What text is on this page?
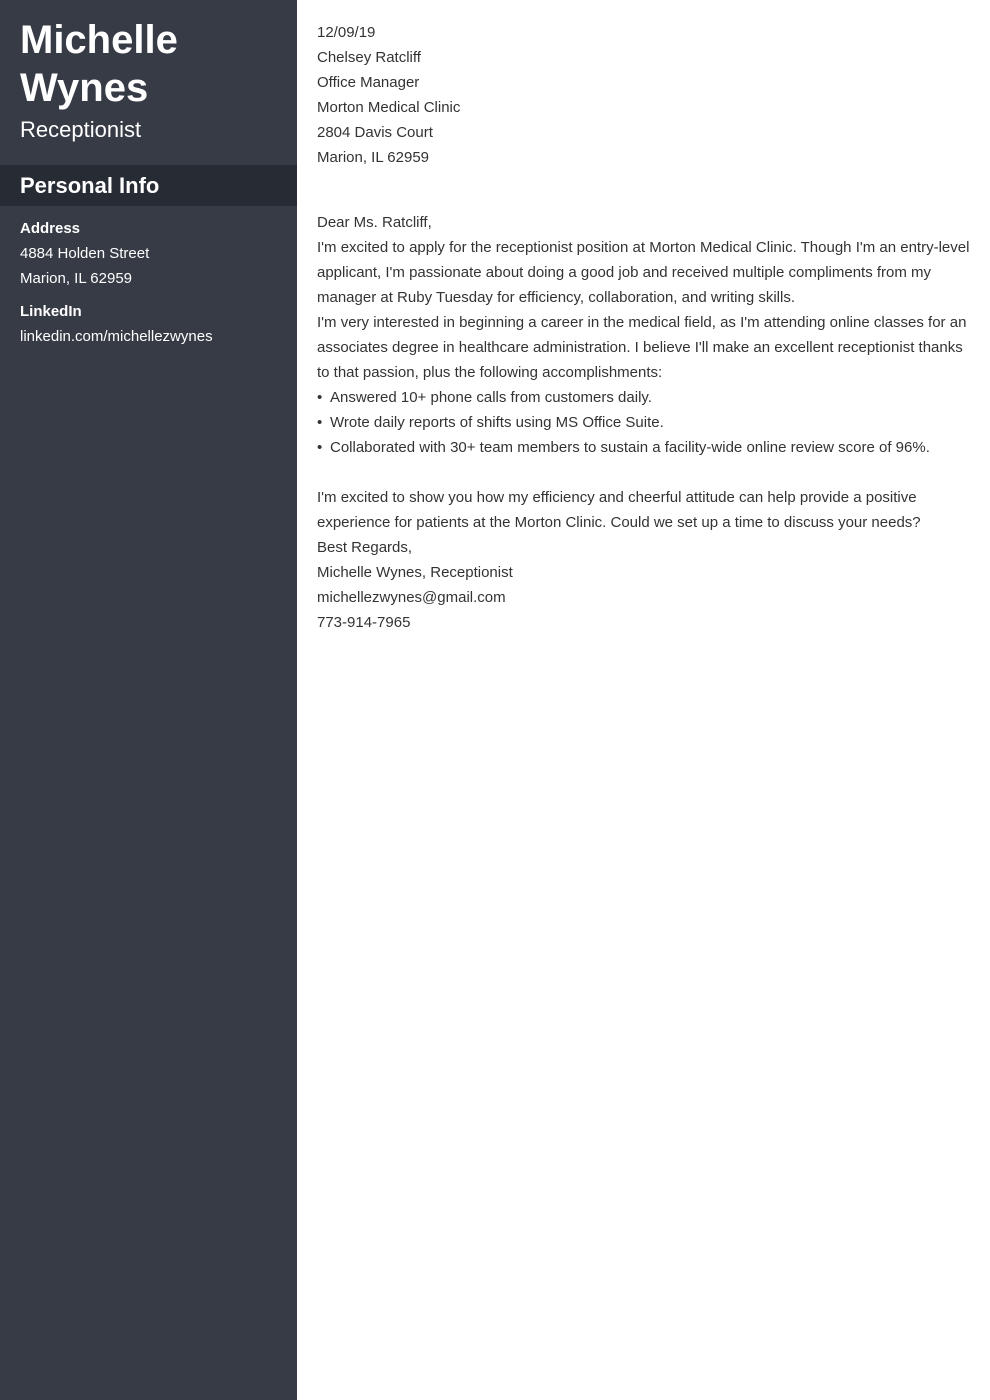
Michelle
Wynes
Receptionist
Personal Info
Address
4884 Holden Street
Marion, IL 62959
LinkedIn
linkedin.com/michellezwynes

12/09/19

Chelsey Ratcliff

Office Manager

Morton Medical Clinic

2804 Davis Court

Marion, IL 62959

Dear Ms. Ratcliff,

I'm excited to apply for the receptionist position at Morton Medical Clinic. Though I'm an entry-level applicant, I'm passionate about doing a good job and received multiple compliments from my manager at Ruby Tuesday for efficiency, collaboration, and writing skills.

I'm very interested in beginning a career in the medical field, as I'm attending online classes for an associates degree in healthcare administration. I believe I'll make an excellent receptionist thanks to that passion, plus the following accomplishments:

• Answered 10+ phone calls from customers daily.
• Wrote daily reports of shifts using MS Office Suite.
• Collaborated with 30+ team members to sustain a facility-wide online review score of 96%.

I'm excited to show you how my efficiency and cheerful attitude can help provide a positive experience for patients at the Morton Clinic. Could we set up a time to discuss your needs?

Best Regards,

Michelle Wynes, Receptionist

michellezwynes@gmail.com

773-914-7965
